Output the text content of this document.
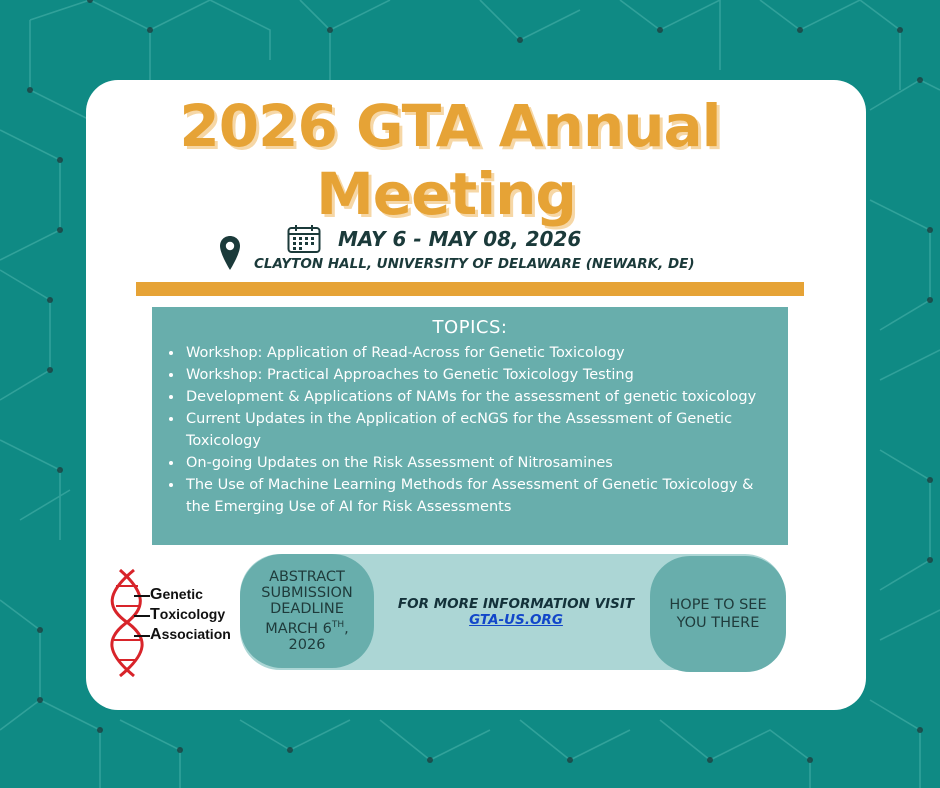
2026 GTA Annual
Meeting
MAY 6 - MAY 08, 2026
CLAYTON HALL, UNIVERSITY OF DELAWARE (NEWARK, DE)
TOPICS:
• Workshop: Application of Read-Across for Genetic Toxicology
• Workshop: Practical Approaches to Genetic Toxicology Testing
• Development & Applications of NAMs for the assessment of genetic toxicology
• Current Updates in the Application of ecNGS for the Assessment of Genetic Toxicology
• On-going Updates on the Risk Assessment of Nitrosamines
• The Use of Machine Learning Methods for Assessment of Genetic Toxicology & the Emerging Use of AI for Risk Assessments
ABSTRACT
SUBMISSION
DEADLINE
MARCH 6TH,
2026
FOR MORE INFORMATION VISIT
GTA-US.ORG
HOPE TO SEE
YOU THERE
Genetic
Toxicology
Association
